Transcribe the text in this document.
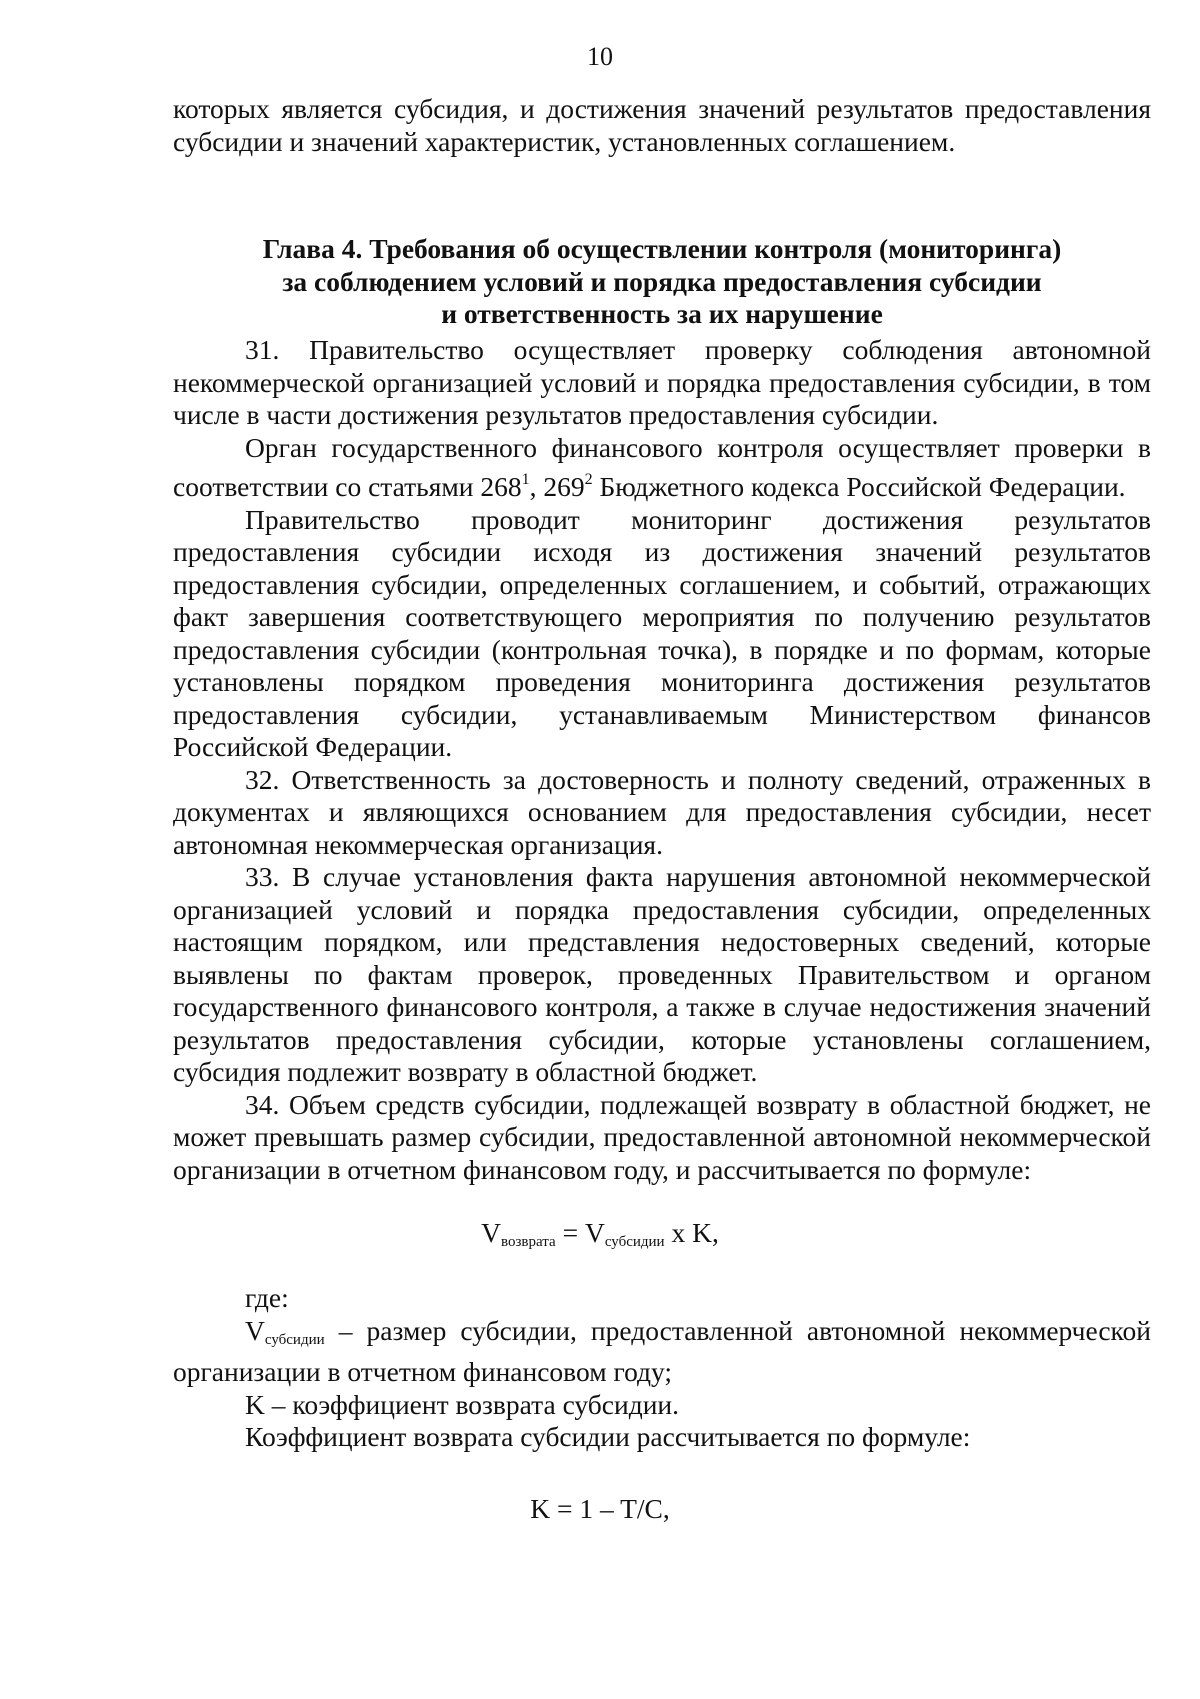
10

которых является субсидия, и достижения значений результатов предоставления субсидии и значений характеристик, установленных соглашением.

Глава 4. Требования об осуществлении контроля (мониторинга)
за соблюдением условий и порядка предоставления субсидии
и ответственность за их нарушение

31. Правительство осуществляет проверку соблюдения автономной некоммерческой организацией условий и порядка предоставления субсидии, в том числе в части достижения результатов предоставления субсидии.

Орган государственного финансового контроля осуществляет проверки в соответствии со статьями $268^1$, $269^2$ Бюджетного кодекса Российской Федерации.

Правительство проводит мониторинг достижения результатов предоставления субсидии исходя из достижения значений результатов предоставления субсидии, определенных соглашением, и событий, отражающих факт завершения соответствующего мероприятия по получению результатов предоставления субсидии (контрольная точка), в порядке и по формам, которые установлены порядком проведения мониторинга достижения результатов предоставления субсидии, устанавливаемым Министерством финансов Российской Федерации.

32. Ответственность за достоверность и полноту сведений, отраженных в документах и являющихся основанием для предоставления субсидии, несет автономная некоммерческая организация.

33. В случае установления факта нарушения автономной некоммерческой организацией условий и порядка предоставления субсидии, определенных настоящим порядком, или представления недостоверных сведений, которые выявлены по фактам проверок, проведенных Правительством и органом государственного финансового контроля, а также в случае недостижения значений результатов предоставления субсидии, которые установлены соглашением, субсидия подлежит возврату в областной бюджет.

34. Объем средств субсидии, подлежащей возврату в областной бюджет, не может превышать размер субсидии, предоставленной автономной некоммерческой организации в отчетном финансовом году, и рассчитывается по формуле:

$V_{возврата} = V_{субсидии}$ x K,

где:

$V_{субсидии}$ – размер субсидии, предоставленной автономной некоммерческой организации в отчетном финансовом году;

K – коэффициент возврата субсидии.

Коэффициент возврата субсидии рассчитывается по формуле:

K = 1 – T/C,
